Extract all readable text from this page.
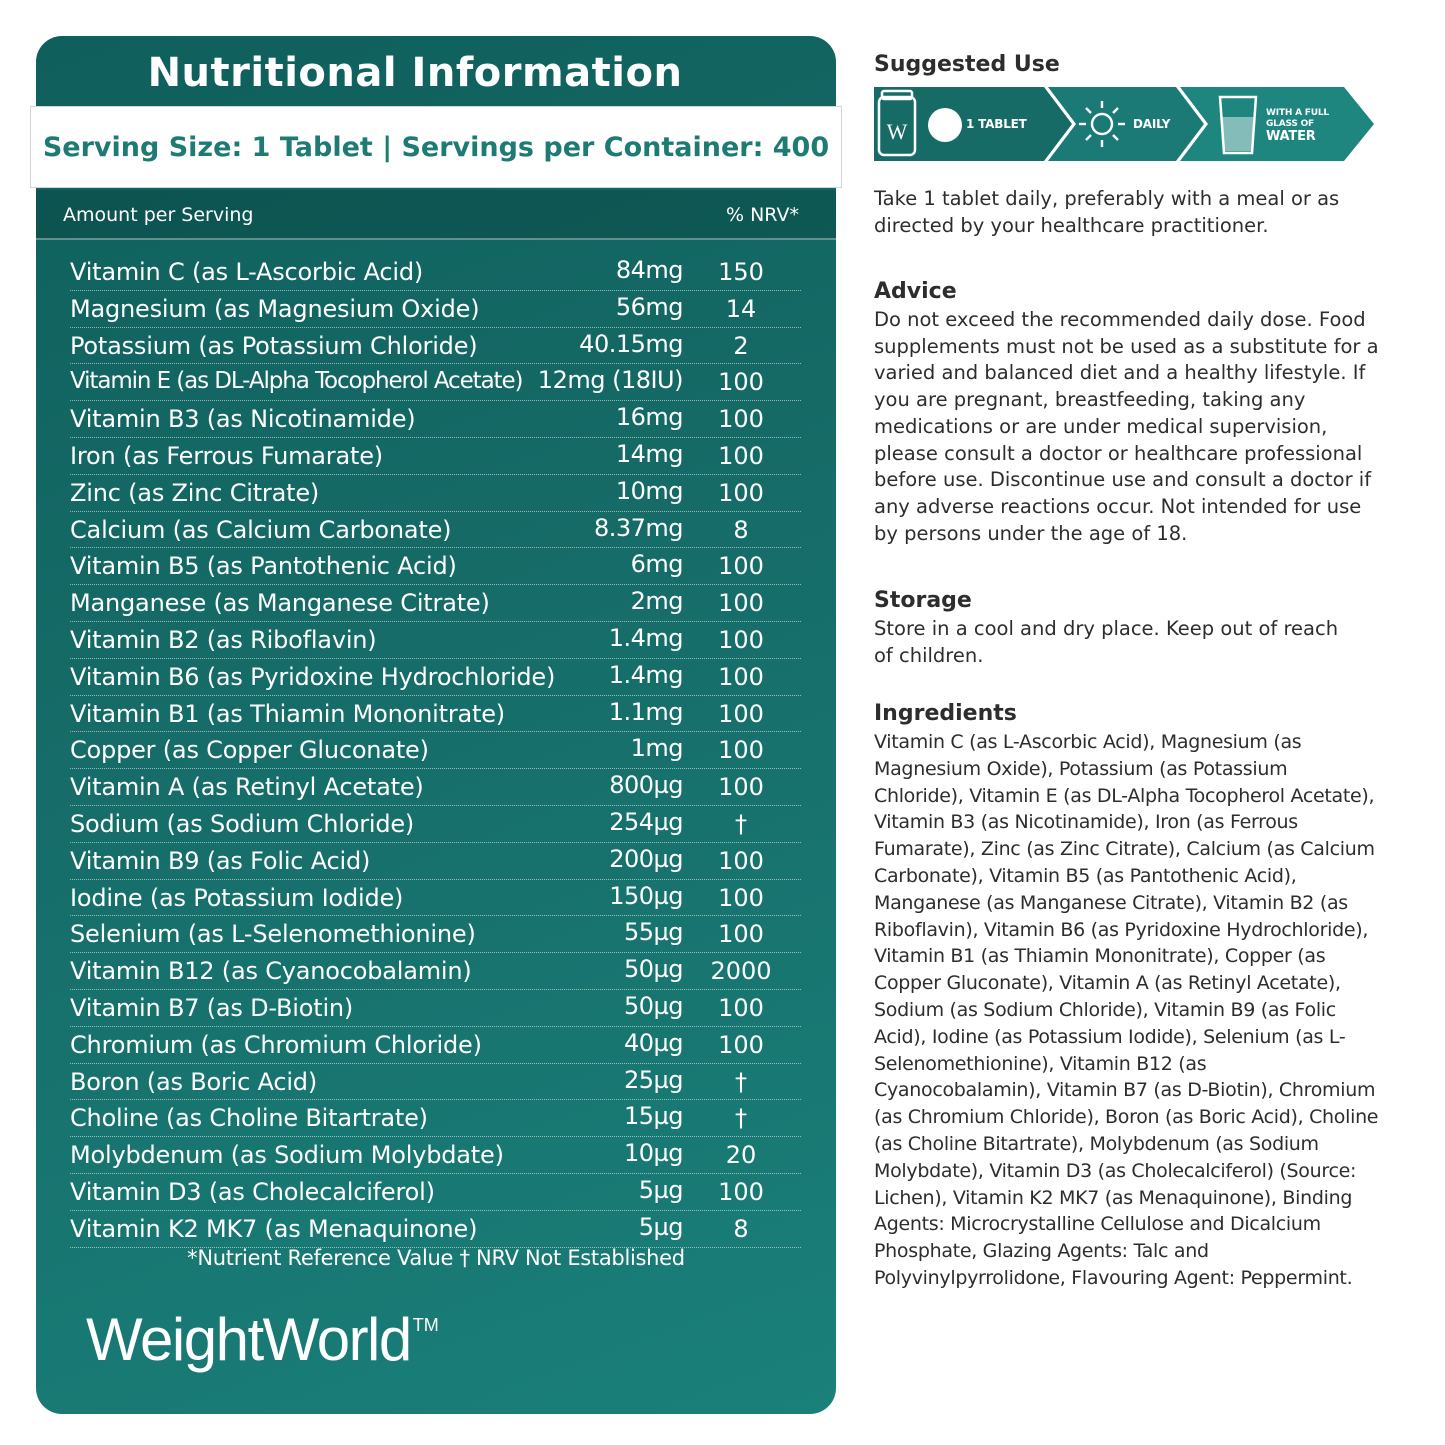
Nutritional Information
Serving Size: 1 Tablet | Servings per Container: 400
Amount per Serving	% NRV*
Vitamin C (as L-Ascorbic Acid)	84mg	150
Magnesium (as Magnesium Oxide)	56mg	14
Potassium (as Potassium Chloride)	40.15mg	2
Vitamin E (as DL-Alpha Tocopherol Acetate) 12mg (18IU)	100
Vitamin B3 (as Nicotinamide)	16mg	100
Iron (as Ferrous Fumarate)	14mg	100
Zinc (as Zinc Citrate)	10mg	100
Calcium (as Calcium Carbonate)	8.37mg	8
Vitamin B5 (as Pantothenic Acid)	6mg	100
Manganese (as Manganese Citrate)	2mg	100
Vitamin B2 (as Riboflavin)	1.4mg	100
Vitamin B6 (as Pyridoxine Hydrochloride) 1.4mg	100
Vitamin B1 (as Thiamin Mononitrate)	1.1mg	100
Copper (as Copper Gluconate)	1mg	100
Vitamin A (as Retinyl Acetate)	800µg	100
Sodium (as Sodium Chloride)	254µg	†
Vitamin B9 (as Folic Acid)	200µg	100
Iodine (as Potassium Iodide)	150µg	100
Selenium (as L-Selenomethionine)	55µg	100
Vitamin B12 (as Cyanocobalamin)	50µg	2000
Vitamin B7 (as D-Biotin)	50µg	100
Chromium (as Chromium Chloride)	40µg	100
Boron (as Boric Acid)	25µg	†
Choline (as Choline Bitartrate)	15µg	†
Molybdenum (as Sodium Molybdate)	10µg	20
Vitamin D3 (as Cholecalciferol)	5µg	100
Vitamin K2 MK7 (as Menaquinone)	5µg	8
*Nutrient Reference Value † NRV Not Established
WeightWorld ™
Suggested Use
W	1 TABLET	DAILY
WITH A FULL
GLASS OF
WATER
Take 1 tablet daily, preferably with a meal or as directed by your healthcare practitioner.
Advice
Do not exceed the recommended daily dose. Food supplements must not be used as a substitute for a varied and balanced diet and a healthy lifestyle. If you are pregnant, breastfeeding, taking any medications or are under medical supervision, please consult a doctor or healthcare professional before use. Discontinue use and consult a doctor if any adverse reactions occur. Not intended for use by persons under the age of 18.
Storage
Store in a cool and dry place. Keep out of reach of children.
Ingredients
Vitamin C (as L-Ascorbic Acid), Magnesium (as Magnesium Oxide), Potassium (as Potassium Chloride), Vitamin E (as DL-Alpha Tocopherol Acetate), Vitamin B3 (as Nicotinamide), Iron (as Ferrous Fumarate), Zinc (as Zinc Citrate), Calcium (as Calcium Carbonate), Vitamin B5 (as Pantothenic Acid), Manganese (as Manganese Citrate), Vitamin B2 (as Riboflavin), Vitamin B6 (as Pyridoxine Hydrochloride), Vitamin B1 (as Thiamin Mononitrate), Copper (as Copper Gluconate), Vitamin A (as Retinyl Acetate), Sodium (as Sodium Chloride), Vitamin B9 (as Folic Acid), Iodine (as Potassium Iodide), Selenium (as L-Selenomethionine), Vitamin B12 (as Cyanocobalamin), Vitamin B7 (as D-Biotin), Chromium (as Chromium Chloride), Boron (as Boric Acid), Choline (as Choline Bitartrate), Molybdenum (as Sodium Molybdate), Vitamin D3 (as Cholecalciferol) (Source: Lichen), Vitamin K2 MK7 (as Menaquinone), Binding Agents: Microcrystalline Cellulose and Dicalcium Phosphate, Glazing Agents: Talc and Polyvinylpyrrolidone, Flavouring Agent: Peppermint.
